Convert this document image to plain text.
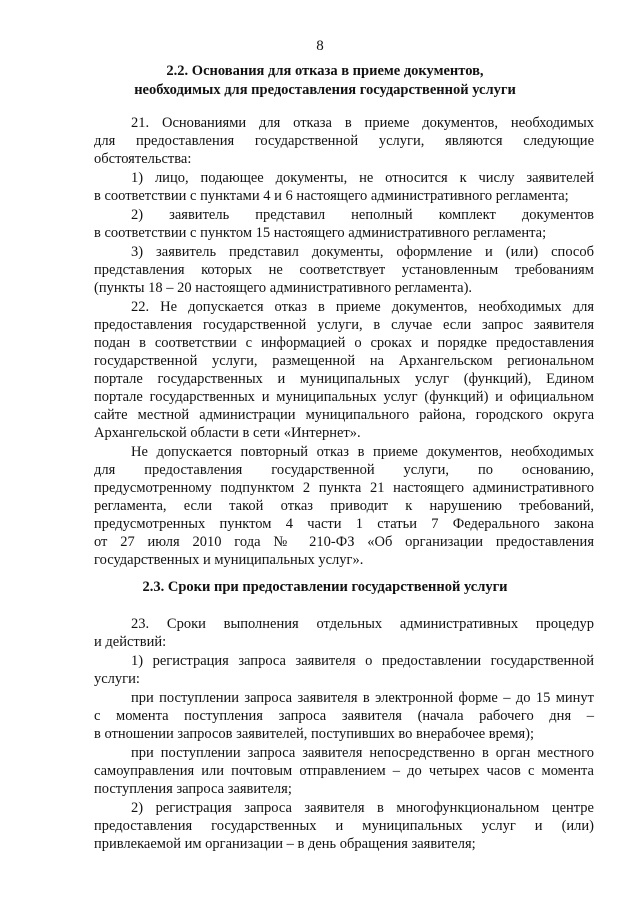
8
2.2. Основания для отказа в приеме документов,
необходимых для предоставления государственной услуги
21. Основаниями для отказа в приеме документов, необходимых
для предоставления государственной услуги, являются следующие
обстоятельства:
1) лицо, подающее документы, не относится к числу заявителей
в соответствии с пунктами 4 и 6 настоящего административного регламента;
2) заявитель представил неполный комплект документов
в соответствии с пунктом 15 настоящего административного регламента;
3) заявитель представил документы, оформление и (или) способ
представления которых не соответствует установленным требованиям
(пункты 18 – 20 настоящего административного регламента).
22. Не допускается отказ в приеме документов, необходимых для
предоставления государственной услуги, в случае если запрос заявителя
подан в соответствии с информацией о сроках и порядке предоставления
государственной услуги, размещенной на Архангельском региональном
портале государственных и муниципальных услуг (функций), Едином
портале государственных и муниципальных услуг (функций) и официальном
сайте местной администрации муниципального района, городского округа
Архангельской области в сети «Интернет».
Не допускается повторный отказ в приеме документов, необходимых
для предоставления государственной услуги, по основанию,
предусмотренному подпунктом 2 пункта 21 настоящего административного
регламента, если такой отказ приводит к нарушению требований,
предусмотренных пунктом 4 части 1 статьи 7 Федерального закона
от 27 июля 2010 года № 210-ФЗ «Об организации предоставления
государственных и муниципальных услуг».
2.3. Сроки при предоставлении государственной услуги
23. Сроки выполнения отдельных административных процедур
и действий:
1) регистрация запроса заявителя о предоставлении государственной
услуги:
при поступлении запроса заявителя в электронной форме – до 15 минут
с момента поступления запроса заявителя (начала рабочего дня –
в отношении запросов заявителей, поступивших во внерабочее время);
при поступлении запроса заявителя непосредственно в орган местного
самоуправления или почтовым отправлением – до четырех часов с момента
поступления запроса заявителя;
2) регистрация запроса заявителя в многофункциональном центре
предоставления государственных и муниципальных услуг и (или)
привлекаемой им организации – в день обращения заявителя;
